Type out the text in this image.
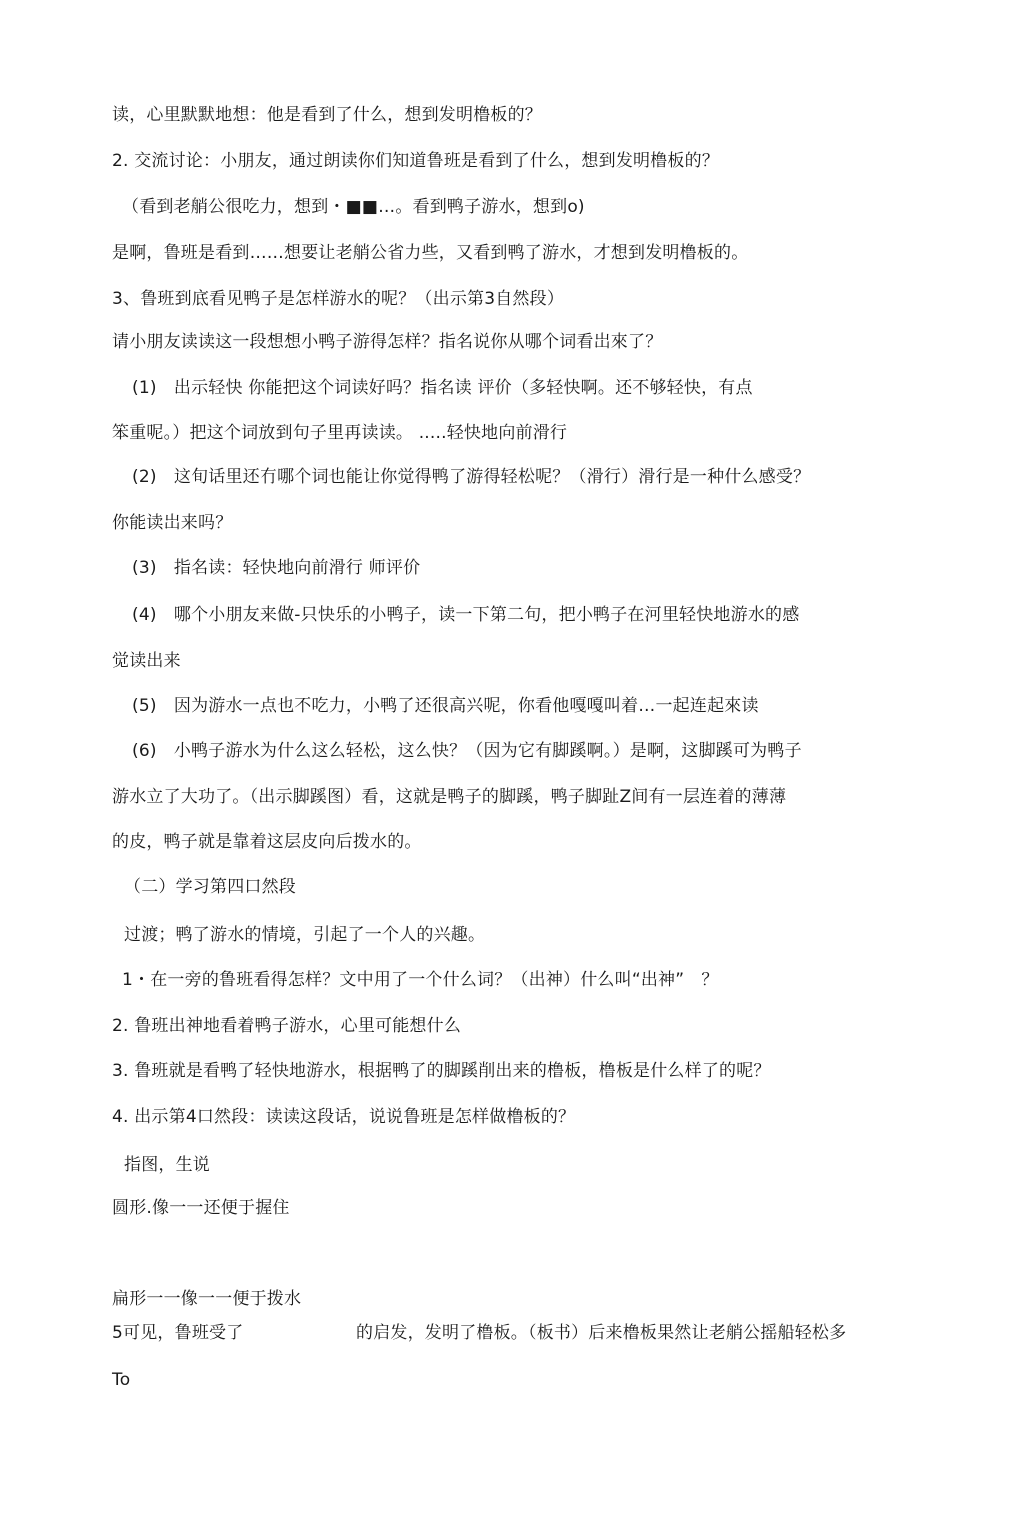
读，心里默默地想：他是看到了什么，想到发明橹板的？
2. 交流讨论：小朋友，通过朗读你们知道鲁班是看到了什么，想到发明橹板的？
（看到老艄公很吃力，想到・■■…。看到鸭子游水，想到o)
是啊，鲁班是看到……想要让老艄公省力些，又看到鸭了游水，才想到发明橹板的。
3、鲁班到底看见鸭子是怎样游水的呢？（出示第3自然段）
请小朋友读读这一段想想小鸭子游得怎样？指名说你从哪个词看岀來了？
(1)　出示轻快 你能把这个词读好吗？指名读 评价（多轻快啊。还不够轻快，有点
笨重呢。）把这个词放到句子里再读读。 .....轻快地向前滑行
(2)　这旬话里还冇哪个词也能让你觉得鸭了游得轻松呢？（滑行）滑行是一种什么感受？
你能读岀来吗？
(3)　指名读：轻快地向前滑行 师评价
(4)　哪个小朋友来做-只快乐的小鸭子，读一下第二句，把小鸭子在河里轻快地游水的感
觉读出来
(5)　因为游水一点也不吃力，小鸭了还很高兴呢，你看他嘎嘎叫着…一起连起來读
(6)　小鸭子游水为什么这么轻松，这么快？（因为它有脚蹊啊。）是啊，这脚蹊可为鸭子
游水立了大功了。（出示脚蹊图）看，这就是鸭子的脚蹊，鸭子脚趾Z间有一层连着的薄薄
的皮，鸭子就是靠着这层皮向后拨水的。
（二）学习第四口然段
过渡；鸭了游水的情境，引起了一个人的兴趣。
1・在一旁的鲁班看得怎样？文中用了一个什么词？（出神）什么叫“出神”　？
2. 鲁班出神地看着鸭子游水，心里可能想什么
3. 鲁班就是看鸭了轻快地游水，根据鸭了的脚蹊削出来的橹板，橹板是什么样了的呢？
4. 出示第4口然段：读读这段话，说说鲁班是怎样做橹板的？
指图，生说
圆形.像一一还便于握住
扁形一一像一一便于拨水
5可见，鲁班受了	的启发，发明了橹板。（板书）后来橹板果然让老艄公摇船轻松多
To
